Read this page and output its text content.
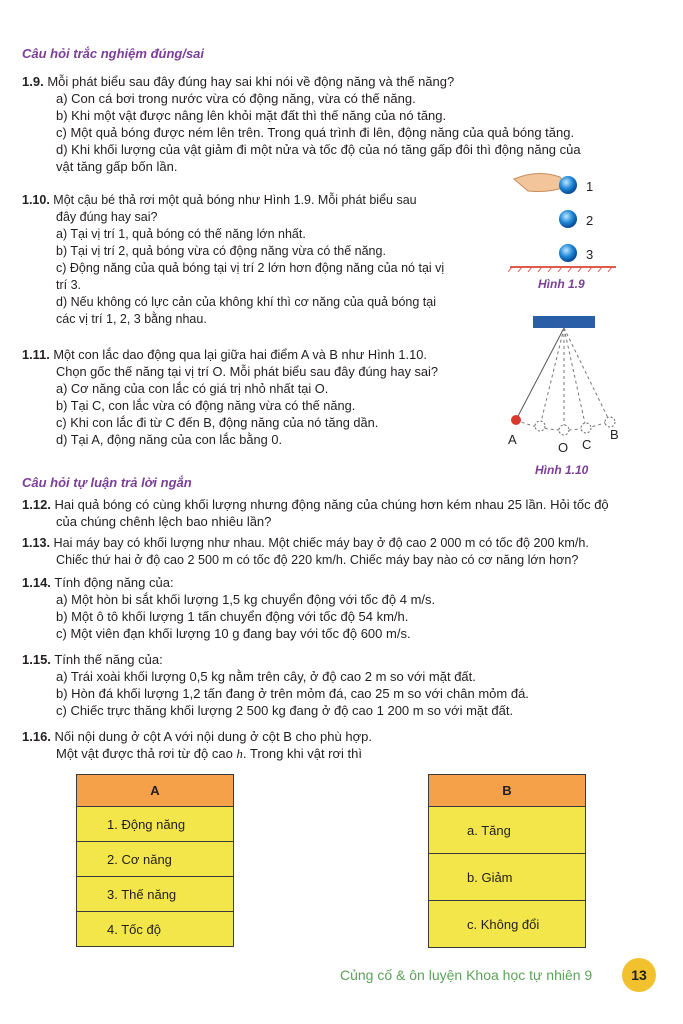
Câu hỏi trắc nghiệm đúng/sai
1.9. Mỗi phát biểu sau đây đúng hay sai khi nói về động năng và thế năng?
a) Con cá bơi trong nước vừa có động năng, vừa có thế năng.
b) Khi một vật được nâng lên khỏi mặt đất thì thế năng của nó tăng.
c) Một quả bóng được ném lên trên. Trong quá trình đi lên, động năng của quả bóng tăng.
d) Khi khối lượng của vật giảm đi một nửa và tốc độ của nó tăng gấp đôi thì động năng của
vật tăng gấp bốn lần.
1.10. Một cậu bé thả rơi một quả bóng như Hình 1.9. Mỗi phát biểu sau
đây đúng hay sai?
a) Tại vị trí 1, quả bóng có thế năng lớn nhất.
b) Tại vị trí 2, quả bóng vừa có động năng vừa có thế năng.
c) Động năng của quả bóng tại vị trí 2 lớn hơn động năng của nó tại vị
trí 3.
d) Nếu không có lực cản của không khí thì cơ năng của quả bóng tại
các vị trí 1, 2, 3 bằng nhau.
1
2
3
Hình 1.9
1.11. Một con lắc dao động qua lại giữa hai điểm A và B như Hình 1.10.
Chọn gốc thế năng tại vị trí O. Mỗi phát biểu sau đây đúng hay sai?
a) Cơ năng của con lắc có giá trị nhỏ nhất tại O.
b) Tại C, con lắc vừa có động năng vừa có thế năng.
c) Khi con lắc đi từ C đến B, động năng của nó tăng dần.
d) Tại A, động năng của con lắc bằng 0.	A
O C
B
Hình 1.10
Câu hỏi tự luận trả lời ngắn
1.12. Hai quả bóng có cùng khối lượng nhưng động năng của chúng hơn kém nhau 25 lần. Hỏi tốc độ
của chúng chênh lệch bao nhiêu lần?
1.13. Hai máy bay có khối lượng như nhau. Một chiếc máy bay ở độ cao 2 000 m có tốc độ 200 km/h.
Chiếc thứ hai ở độ cao 2 500 m có tốc độ 220 km/h. Chiếc máy bay nào có cơ năng lớn hơn?
1.14. Tính động năng của:
a) Một hòn bi sắt khối lượng 1,5 kg chuyển động với tốc độ 4 m/s.
b) Một ô tô khối lượng 1 tấn chuyển động với tốc độ 54 km/h.
c) Một viên đạn khối lượng 10 g đang bay với tốc độ 600 m/s.
1.15. Tính thế năng của:
a) Trái xoài khối lượng 0,5 kg nằm trên cây, ở độ cao 2 m so với mặt đất.
b) Hòn đá khối lượng 1,2 tấn đang ở trên mỏm đá, cao 25 m so với chân mỏm đá.
c) Chiếc trực thăng khối lượng 2 500 kg đang ở độ cao 1 200 m so với mặt đất.
1.16. Nối nội dung ở cột A với nội dung ở cột B cho phù hợp.
Một vật được thả rơi từ độ cao h. Trong khi vật rơi thì
A
1. Động năng
2. Cơ năng
3. Thế năng
4. Tốc độ
B
a. Tăng
b. Giảm
c. Không đổi
Củng cố & ôn luyện Khoa học tự nhiên 9	13
